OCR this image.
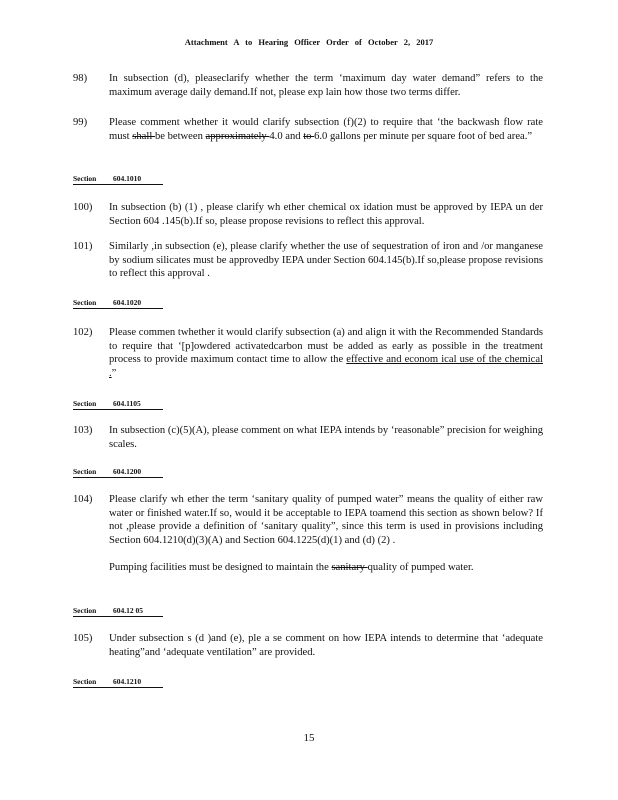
Attachment A to Hearing Officer Order of October 2, 2017
98)	In subsection (d), pleaseclarify whether the term ‘maximum day water demand” refers to the maximum average daily demand.If not, please exp lain how those two terms differ.

99)	Please comment whether it would clarify subsection (f)(2) to require that ‘the backwash flow rate must shall be between approximately 4.0 and to 6.0 gallons per minute per square foot of bed area.”

Section 604.1010
100)	In subsection (b) (1) , please clarify wh ether chemical ox idation must be approved by IEPA un der Section 604 .145(b).If so, please propose revisions to reflect this approval.

101)	Similarly ,in subsection (e), please clarify whether the use of sequestration of iron and /or manganese by sodium silicates must be approvedby IEPA under Section 604.145(b).If so,please propose revisions to reflect this approval .

Section 604.1020
102)	Please commen twhether it would clarify subsection (a) and align it with the Recommended Standards to require that ‘[p]owdered activatedcarbon must be added as early as possible in the treatment process to provide maximum contact time to allow the effective and econom ical use of the chemical .”

Section 604.1105
103)	In subsection (c)(5)(A), please comment on what IEPA intends by ‘reasonable” precision for weighing scales.

Section 604.1200
104)	Please clarify wh ether the term ‘sanitary quality of pumped water” means the quality of either raw water or finished water.If so, would it be acceptable to IEPA toamend this section as shown below? If not ,please provide a definition of ‘sanitary quality”, since this term is used in provisions including Section 604.1210(d)(3)(A) and Section 604.1225(d)(1) and (d) (2) .

Pumping facilities must be designed to maintain the sanitary quality of pumped water.

Section 604.12 05
105)	Under subsection s (d )and (e), ple a se comment on how IEPA intends to determine that ‘adequate heating”and ‘adequate ventilation” are provided.

Section 604.1210
15
